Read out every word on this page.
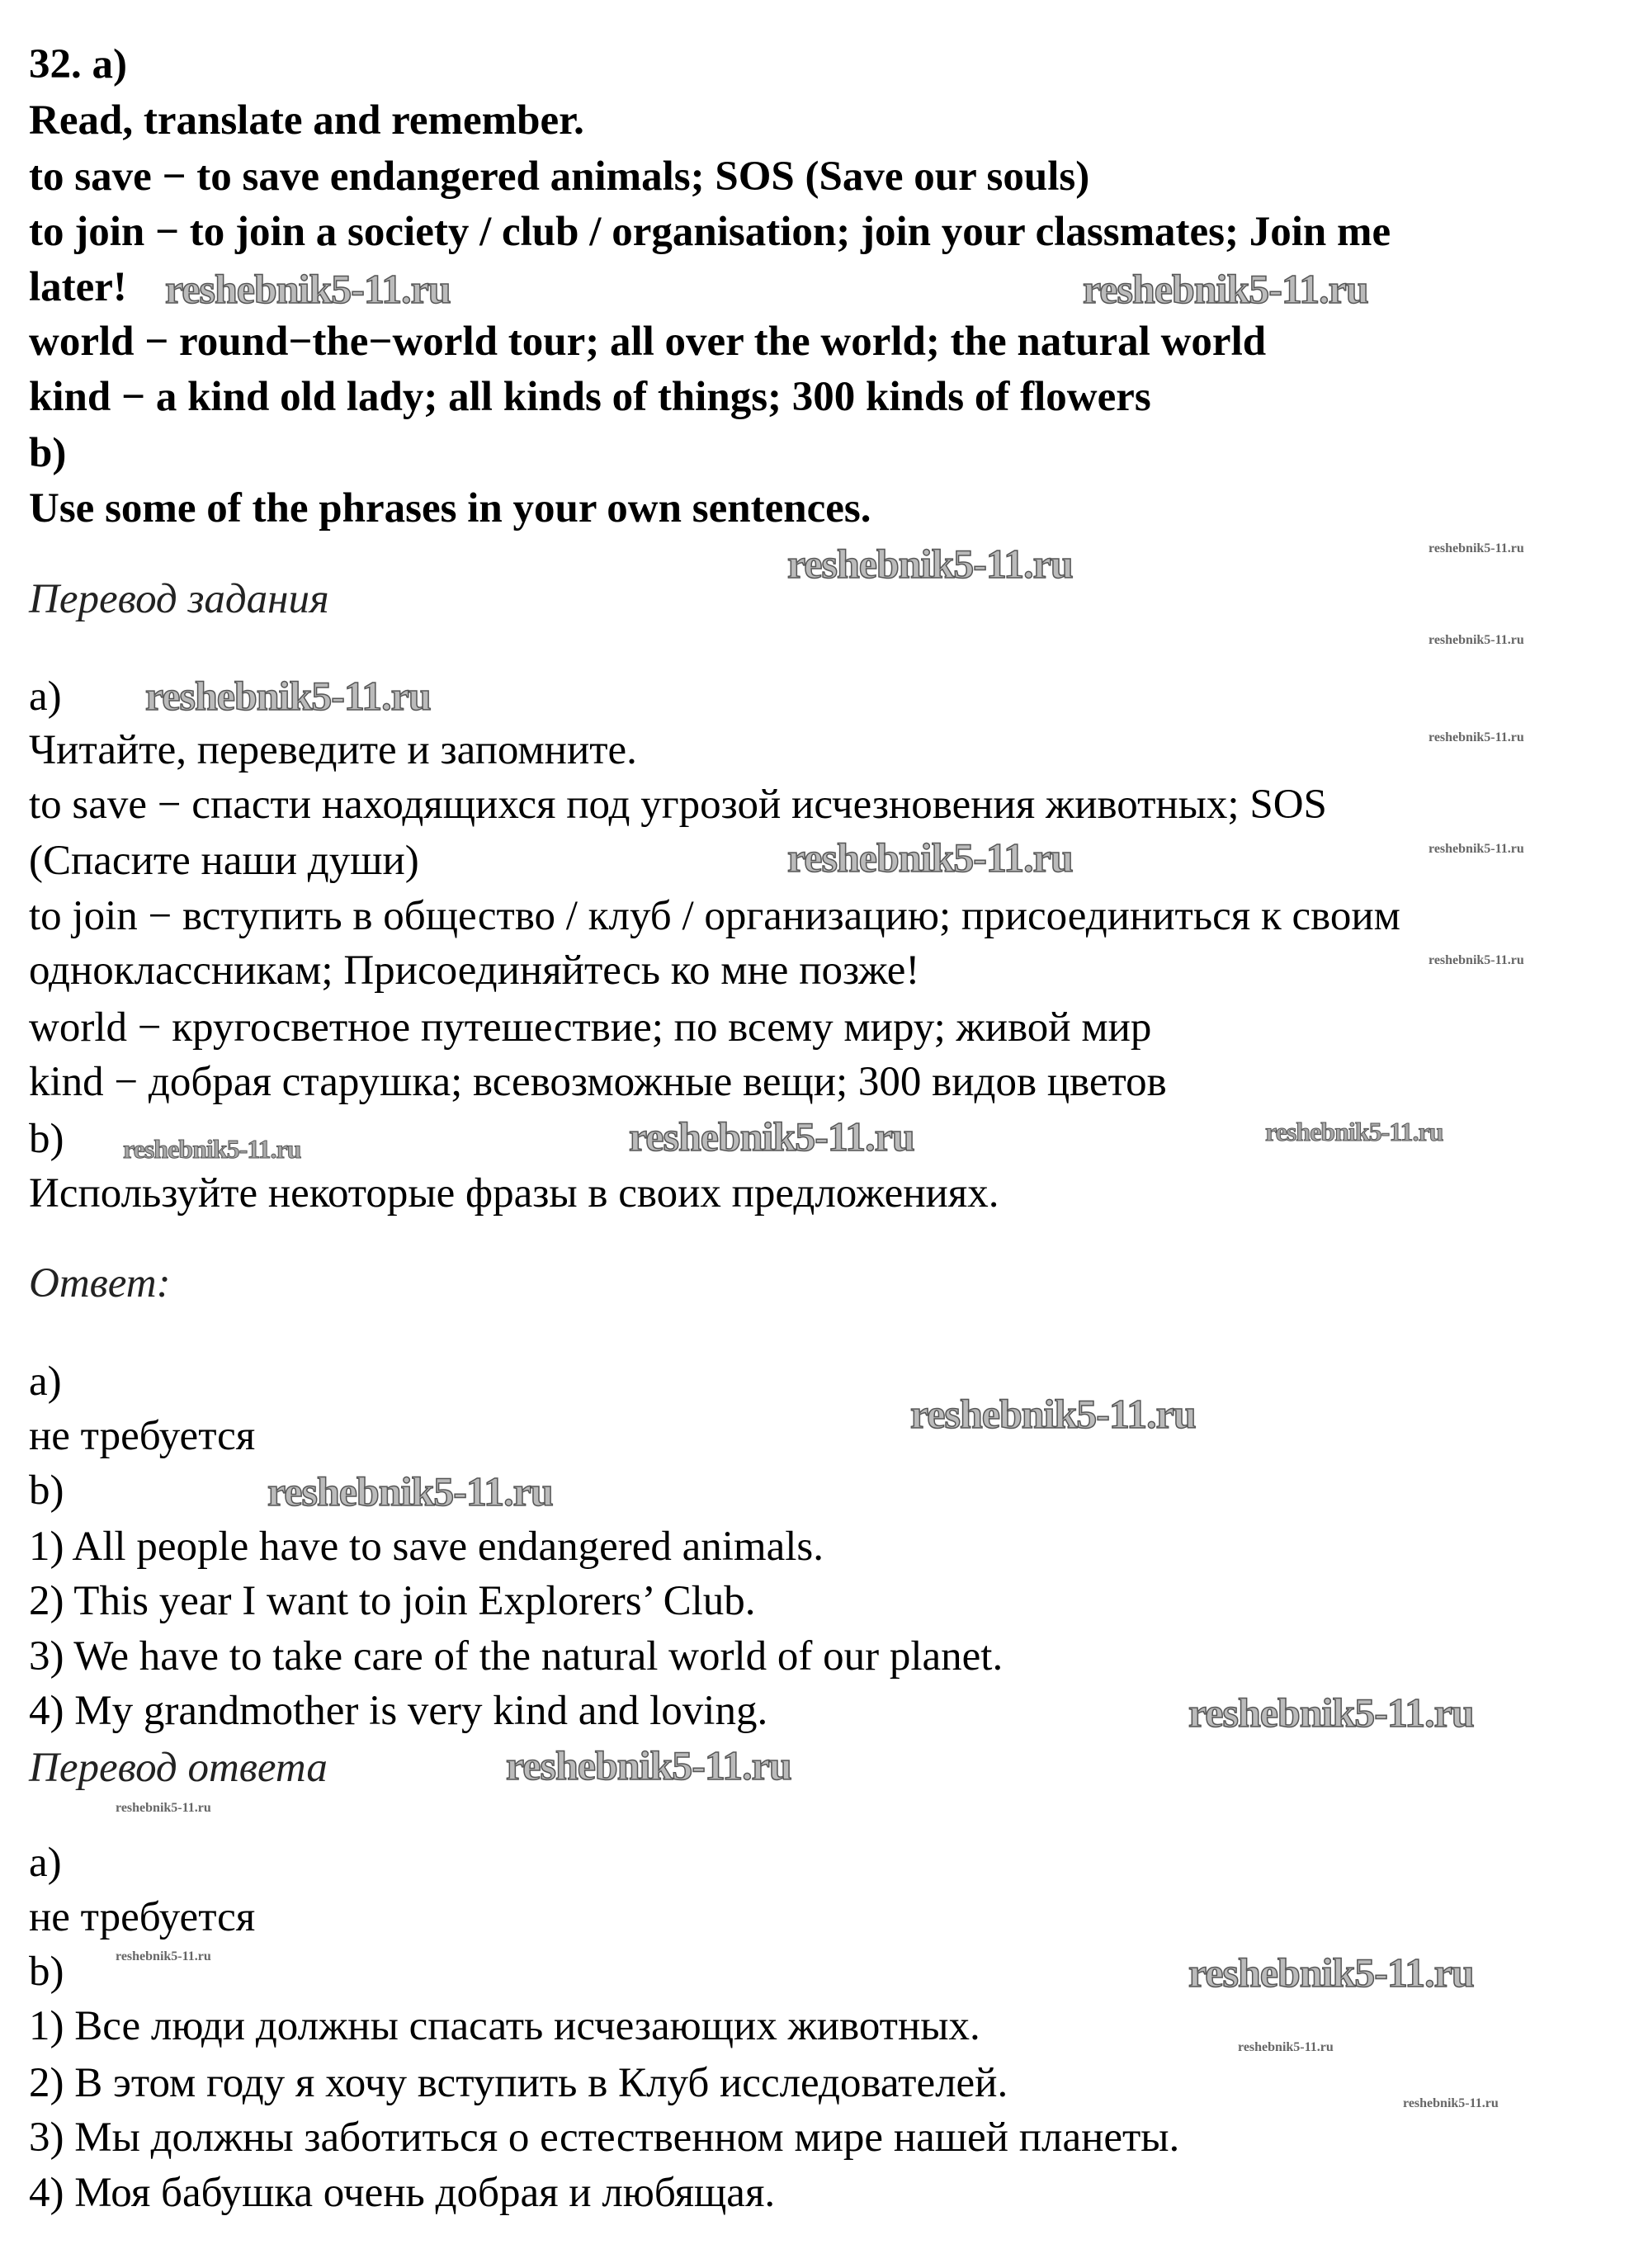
32. a)
Read, translate and remember.
to save − to save endangered animals; SOS (Save our souls)
to join − to join a society / club / organisation; join your classmates; Join me
later!
world − round−the−world tour; all over the world; the natural world
kind − a kind old lady; all kinds of things; 300 kinds of flowers
b)
Use some of the phrases in your own sentences.
Перевод задания
a)
Читайте, переведите и запомните.
to save − спасти находящихся под угрозой исчезновения животных; SOS
(Спасите наши души)
to join − вступить в общество / клуб / организацию; присоединиться к своим
одноклассникам; Присоединяйтесь ко мне позже!
world − кругосветное путешествие; по всему миру; живой мир
kind − добрая старушка; всевозможные вещи; 300 видов цветов
b)
Используйте некоторые фразы в своих предложениях.
Ответ:
a)
не требуется
b)
1) All people have to save endangered animals.
2) This year I want to join Explorers’ Club.
3) We have to take care of the natural world of our planet.
4) My grandmother is very kind and loving.
Перевод ответа
a)
не требуется
b)
1) Все люди должны спасать исчезающих животных.
2) В этом году я хочу вступить в Клуб исследователей.
3) Мы должны заботиться о естественном мире нашей планеты.
4) Моя бабушка очень добрая и любящая.
reshebnik5-11.ru	reshebnik5-11.ru
reshebnik5-11.ru
reshebnik5-11.ru
reshebnik5-11.ru
reshebnik5-11.ru
reshebnik5-11.ru
reshebnik5-11.ru
reshebnik5-11.ru
reshebnik5-11.ru
reshebnik5-11.ru
reshebnik5-11.ru
reshebnik5-11.ru
reshebnik5-11.ru
reshebnik5-11.ru
reshebnik5-11.ru
reshebnik5-11.ru
reshebnik5-11.ru
reshebnik5-11.ru
reshebnik5-11.ru
reshebnik5-11.ru
reshebnik5-11.ru
